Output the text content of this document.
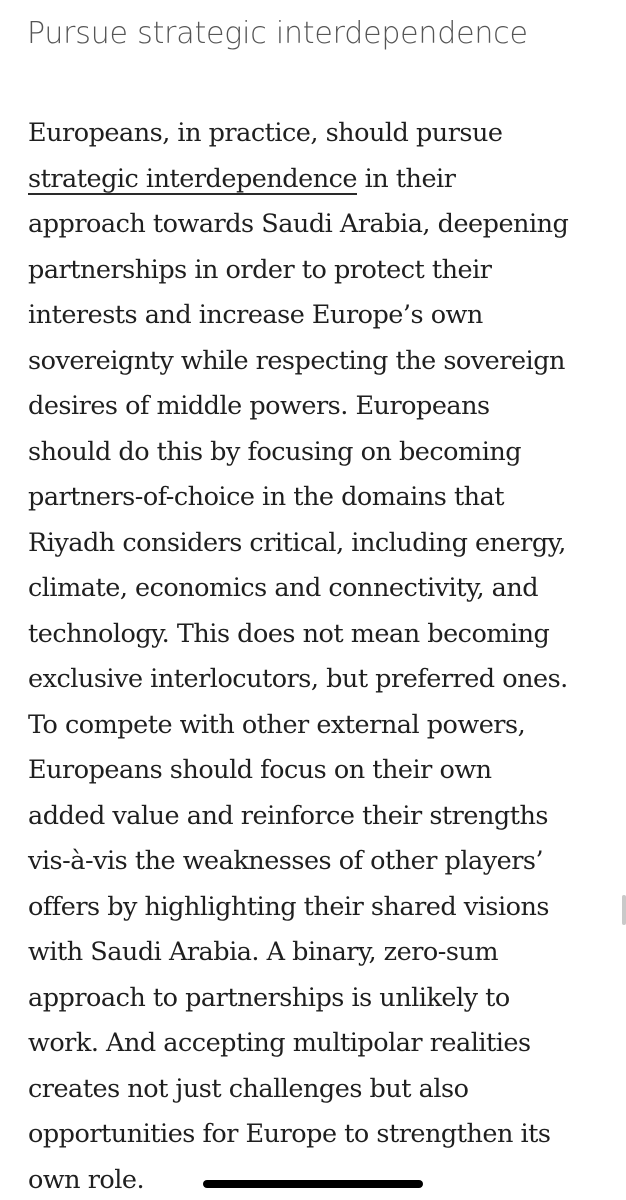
Pursue strategic interdependence
Europeans, in practice, should pursue
strategic interdependence in their
approach towards Saudi Arabia, deepening
partnerships in order to protect their
interests and increase Europe’s own
sovereignty while respecting the sovereign
desires of middle powers. Europeans
should do this by focusing on becoming
partners-of-choice in the domains that
Riyadh considers critical, including energy,
climate, economics and connectivity, and
technology. This does not mean becoming
exclusive interlocutors, but preferred ones.
To compete with other external powers,
Europeans should focus on their own
added value and reinforce their strengths
vis-à-vis the weaknesses of other players’
offers by highlighting their shared visions
with Saudi Arabia. A binary, zero-sum
approach to partnerships is unlikely to
work. And accepting multipolar realities
creates not just challenges but also
opportunities for Europe to strengthen its
own role.
